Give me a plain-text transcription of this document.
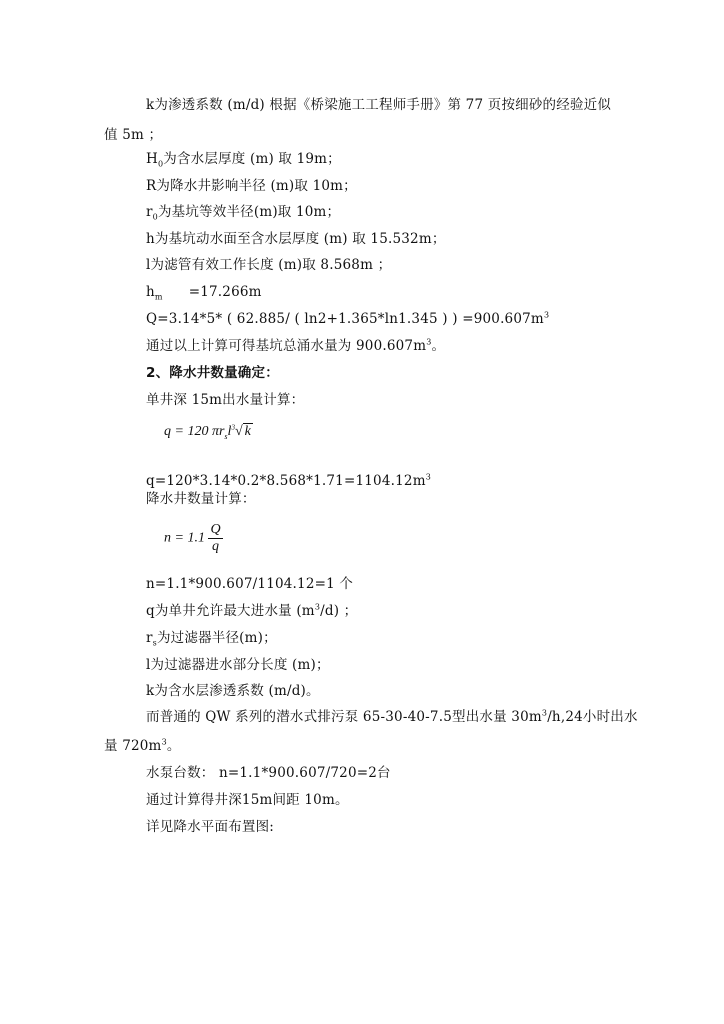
k为渗透系数 (m/d) 根据《桥梁施工工程师手册》第 77 页按细砂的经验近似
值 5m ；
$H_0$为含水层厚度 (m) 取 19m；
R为降水井影响半径 (m)取 10m；
$r_0$为基坑等效半径(m)取 10m；
h为基坑动水面至含水层厚度 (m) 取 15.532m；
l为滤管有效工作长度 (m)取 8.568m ；
$h_m =17.266m$
Q=3.14*5* ( 62.885/ ( ln2+1.365*ln1.345 ) ) $=900.607m^3$
通过以上计算可得基坑总涌水量为 $900.607m^3$。
2、降水井数量确定：
单井深 15m出水量计算：
q = 120 $\pi r_sl^3√$ k
$q=120*3.14*0.2*8.568*1.71=1104.12m^3$
降水井数量计算：
$n = 1.1 \frac{Q}{q}$
n=1.1*900.607/1104.12=1 个
q为单井允许最大进水量 $(m^3/d)$ ；
$r_s$为过滤器半径(m)；
l为过滤器进水部分长度 (m)；
k为含水层渗透系数 (m/d)。
而普通的 QW 系列的潜水式排污泵 65-30-40-7.5型出水量 $30m^3/h,24$小时出水
量 $720m^3$。
水泵台数： n=1.1*900.607/720=2台
通过计算得井深15m间距 10m。
详见降水平面布置图:
